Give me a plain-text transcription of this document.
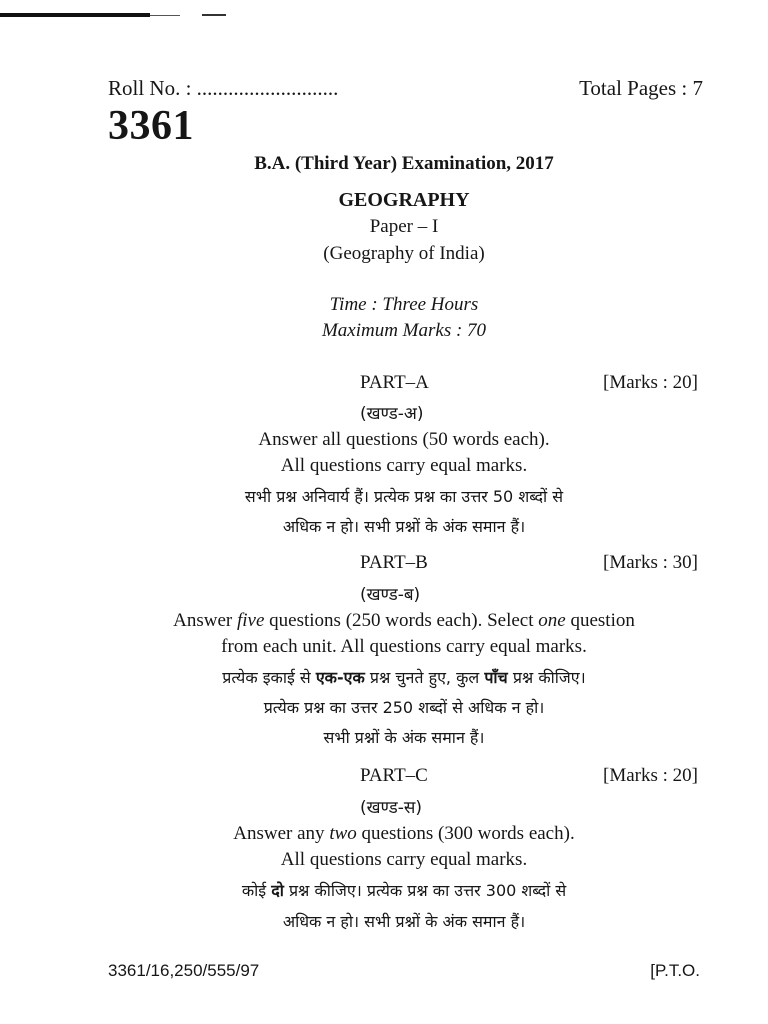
Roll No. : ...........................	Total Pages : 7
3361
B.A. (Third Year) Examination, 2017
GEOGRAPHY
Paper – I
(Geography of India)
Time : Three Hours
Maximum Marks : 70
PART–A	[Marks : 20]
(खण्ड-अ)
Answer all questions (50 words each).
All questions carry equal marks.
सभी प्रश्न अनिवार्य हैं। प्रत्येक प्रश्न का उत्तर 50 शब्दों से
अधिक न हो। सभी प्रश्नों के अंक समान हैं।
PART–B	[Marks : 30]
(खण्ड-ब)
Answer five questions (250 words each). Select one question
from each unit. All questions carry equal marks.
प्रत्येक इकाई से एक-एक प्रश्न चुनते हुए, कुल पाँच प्रश्न कीजिए।
प्रत्येक प्रश्न का उत्तर 250 शब्दों से अधिक न हो।
सभी प्रश्नों के अंक समान हैं।
PART–C	[Marks : 20]
(खण्ड-स)
Answer any two questions (300 words each).
All questions carry equal marks.
कोई दो प्रश्न कीजिए। प्रत्येक प्रश्न का उत्तर 300 शब्दों से
अधिक न हो। सभी प्रश्नों के अंक समान हैं।
3361/16,250/555/97	[P.T.O.
